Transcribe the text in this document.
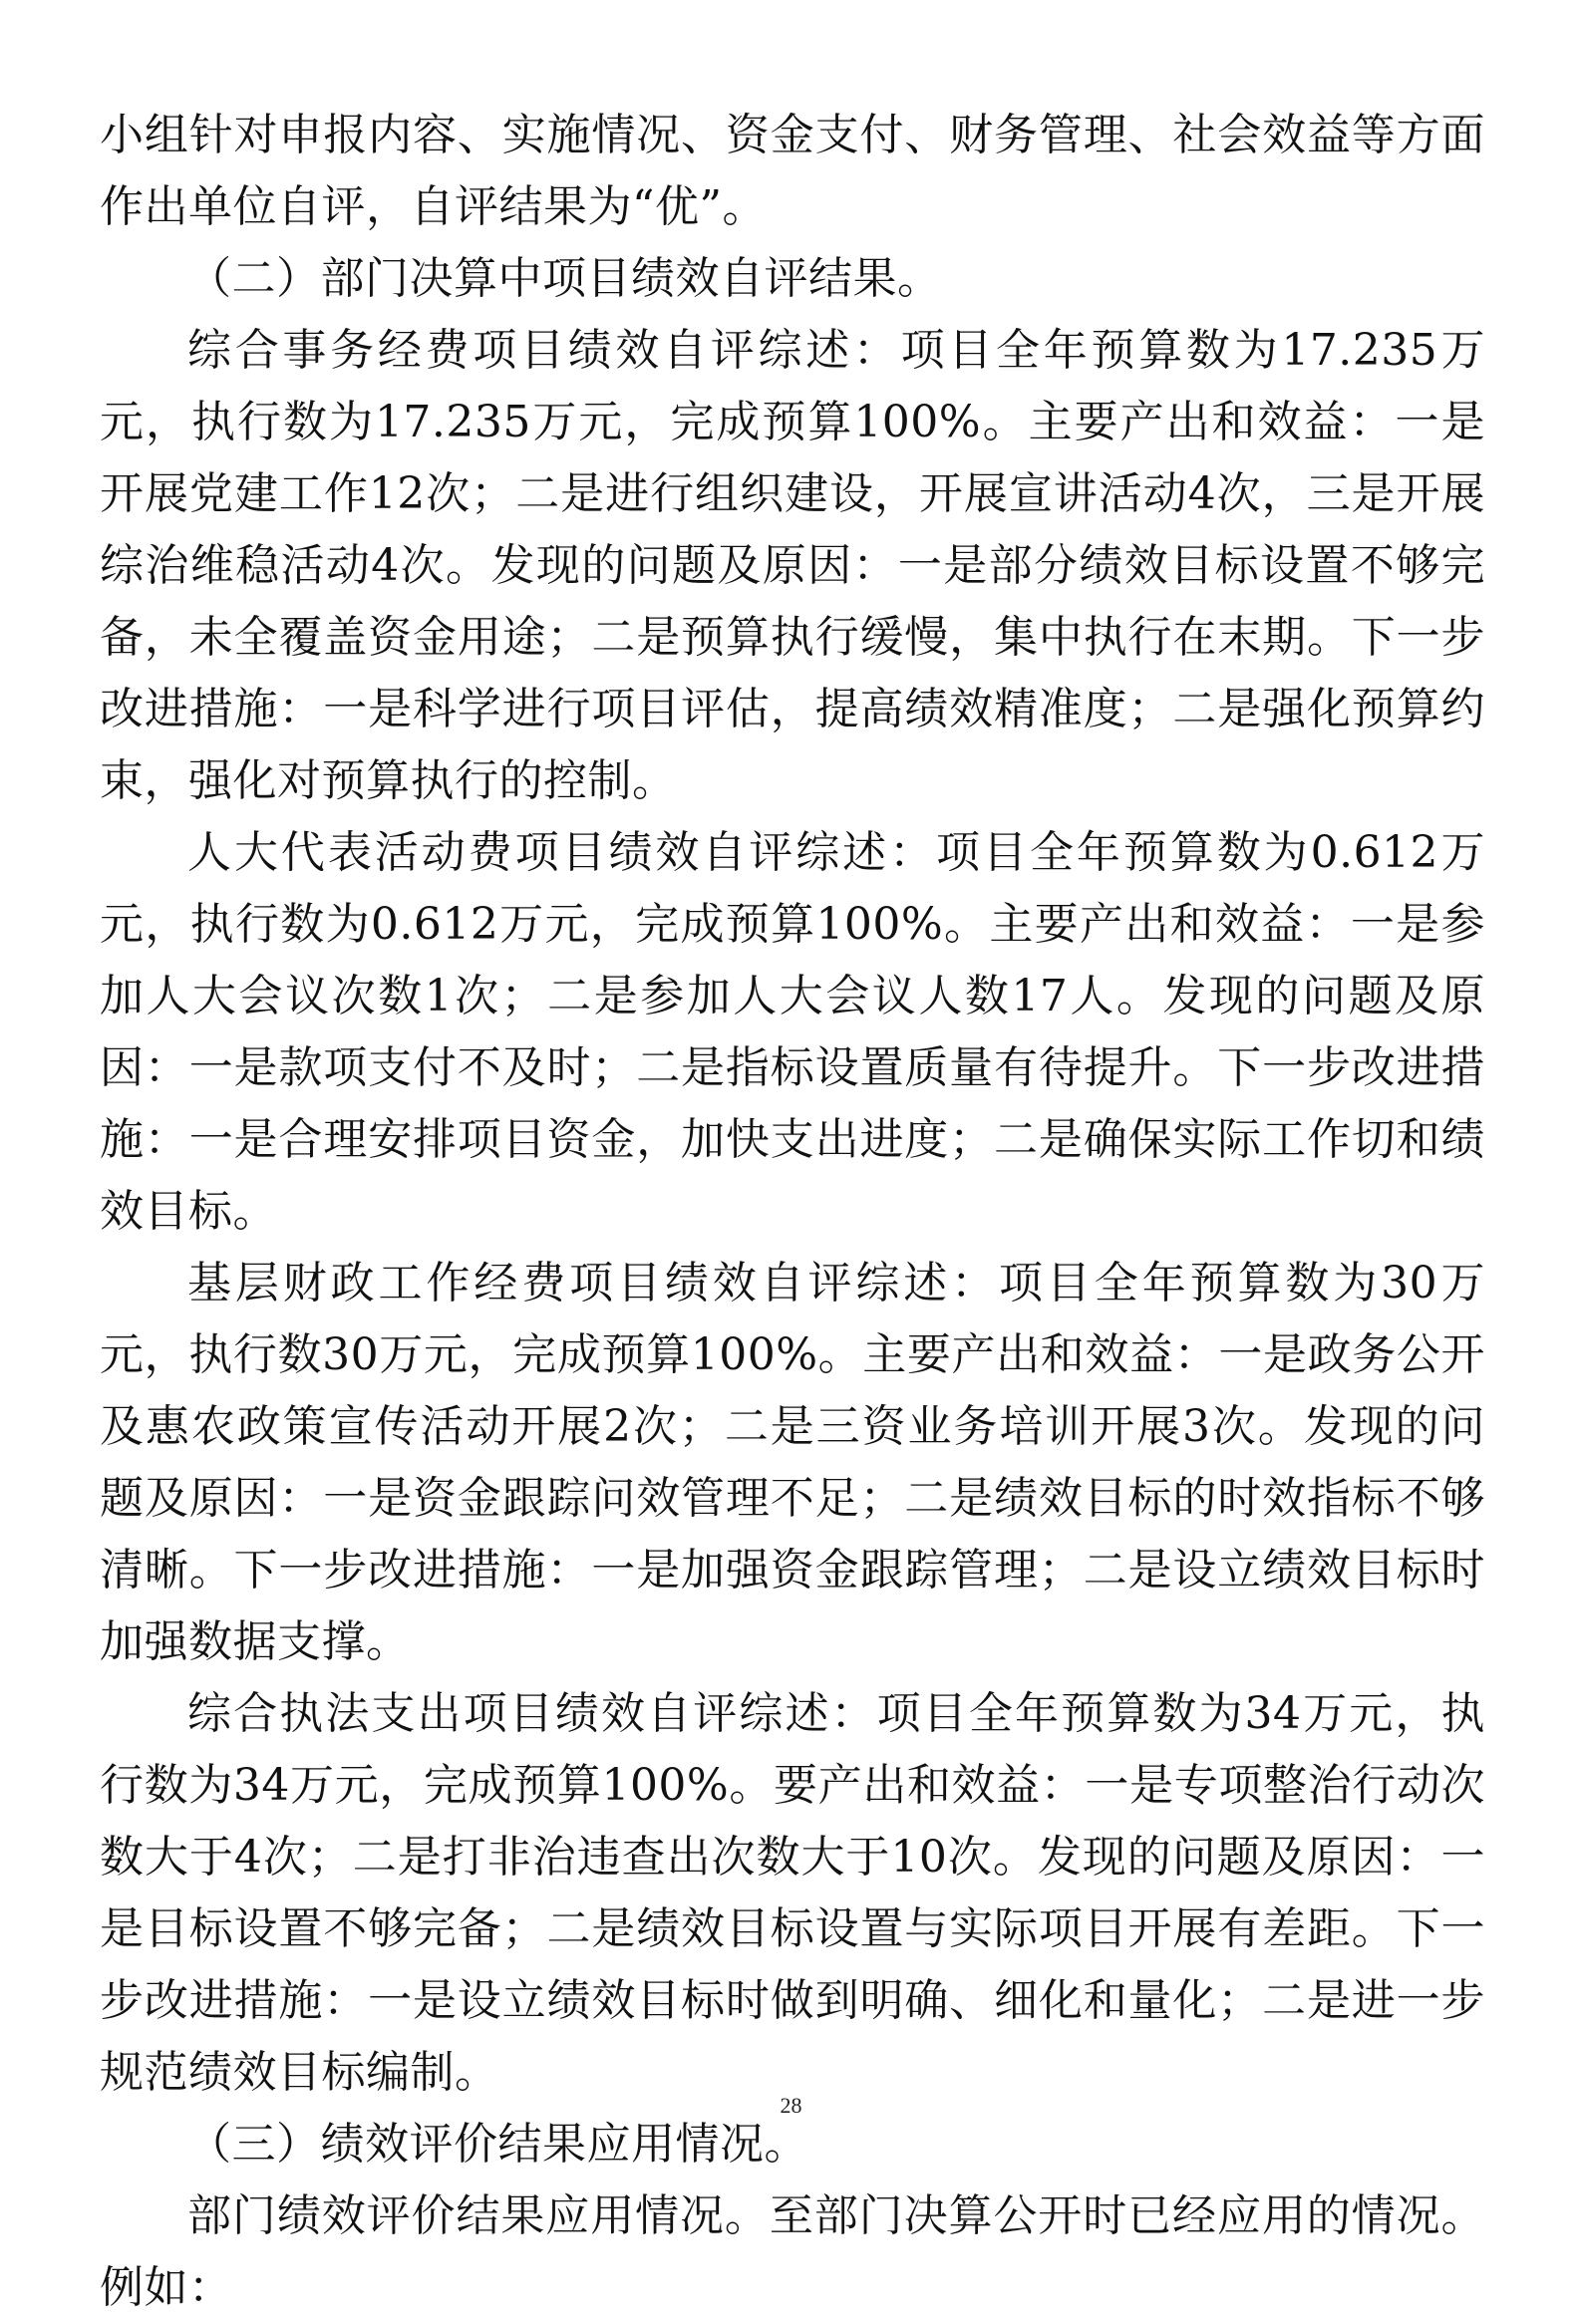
小组针对申报内容、实施情况、资金支付、财务管理、社会效益等方面作出单位自评，自评结果为“优”。

（二）部门决算中项目绩效自评结果。

综合事务经费项目绩效自评综述：项目全年预算数为17.235万元，执行数为17.235万元，完成预算100%。主要产出和效益：一是开展党建工作12次；二是进行组织建设，开展宣讲活动4次，三是开展综治维稳活动4次。发现的问题及原因：一是部分绩效目标设置不够完备，未全覆盖资金用途；二是预算执行缓慢，集中执行在末期。下一步改进措施：一是科学进行项目评估，提高绩效精准度；二是强化预算约束，强化对预算执行的控制。

人大代表活动费项目绩效自评综述：项目全年预算数为0.612万元，执行数为0.612万元，完成预算100%。主要产出和效益：一是参加人大会议次数1次；二是参加人大会议人数17人。发现的问题及原因：一是款项支付不及时；二是指标设置质量有待提升。下一步改进措施：一是合理安排项目资金，加快支出进度；二是确保实际工作切和绩效目标。

基层财政工作经费项目绩效自评综述：项目全年预算数为30万元，执行数30万元，完成预算100%。主要产出和效益：一是政务公开及惠农政策宣传活动开展2次；二是三资业务培训开展3次。发现的问题及原因：一是资金跟踪问效管理不足；二是绩效目标的时效指标不够清晰。下一步改进措施：一是加强资金跟踪管理；二是设立绩效目标时加强数据支撑。

综合执法支出项目绩效自评综述：项目全年预算数为34万元，执行数为34万元，完成预算100%。要产出和效益：一是专项整治行动次数大于4次；二是打非治违查出次数大于10次。发现的问题及原因：一是目标设置不够完备；二是绩效目标设置与实际项目开展有差距。下一步改进措施：一是设立绩效目标时做到明确、细化和量化；二是进一步规范绩效目标编制。

（三）绩效评价结果应用情况。

部门绩效评价结果应用情况。至部门决算公开时已经应用的情况。例如：

28
